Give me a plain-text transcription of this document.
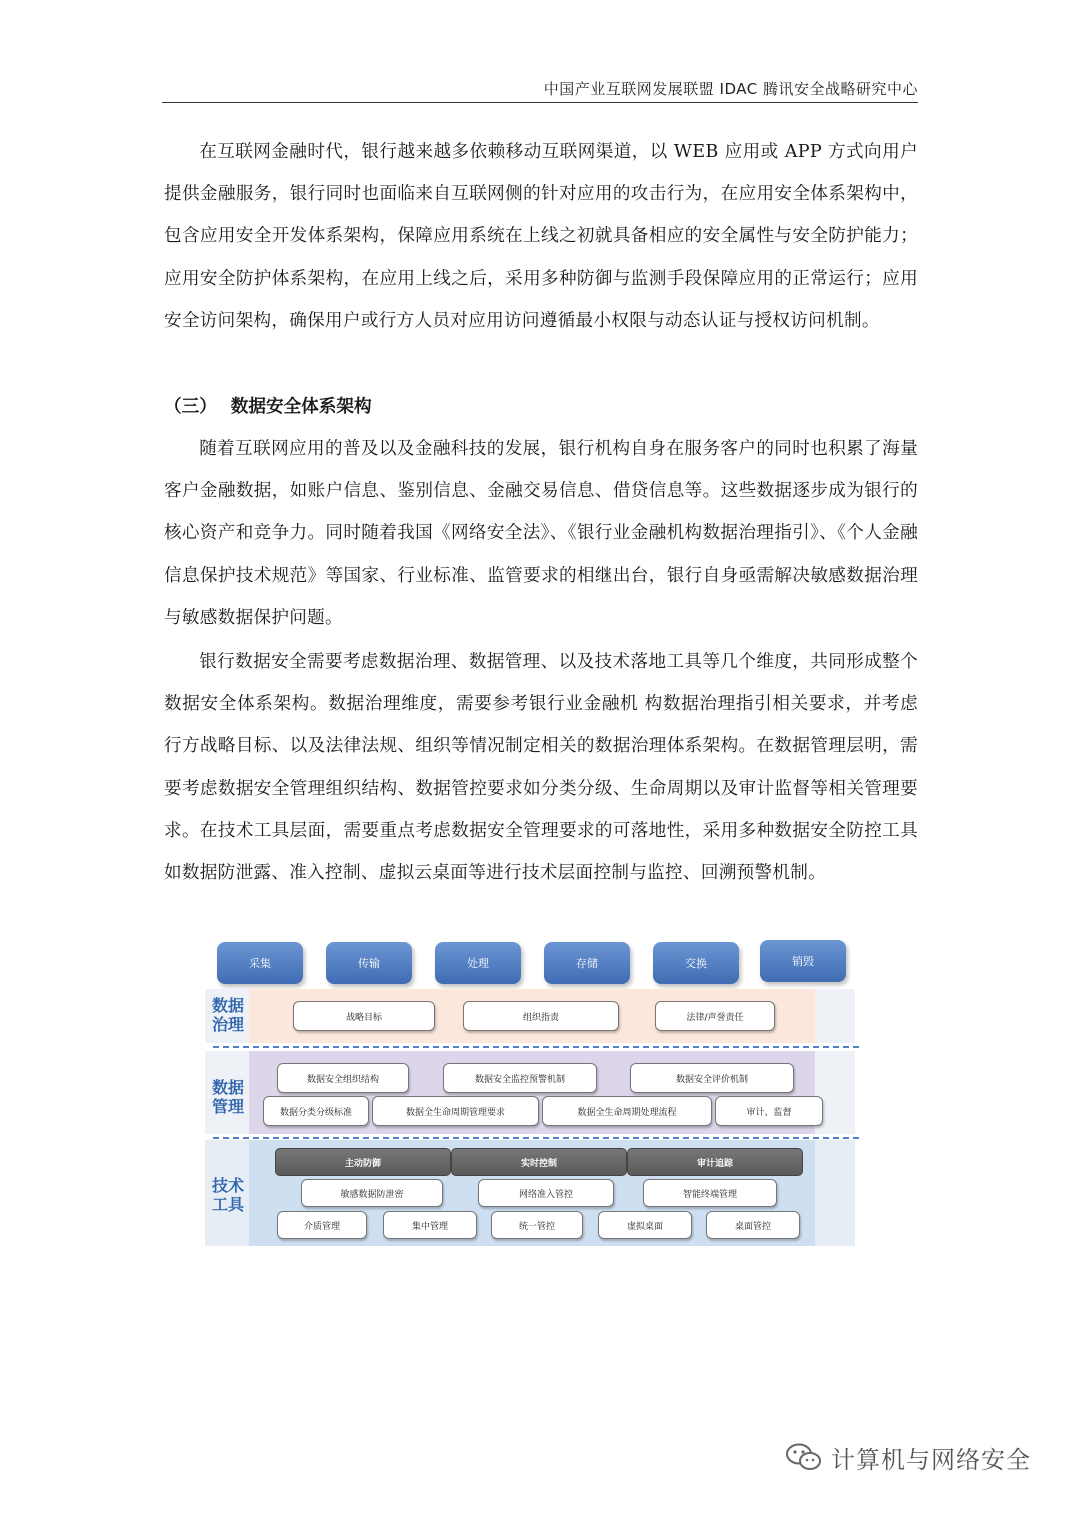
中国产业互联网发展联盟 IDAC 腾讯安全战略研究中心

在互联网金融时代，银行越来越多依赖移动互联网渠道，以 WEB 应用或 APP 方式向用户提供金融服务，银行同时也面临来自互联网侧的针对应用的攻击行为，在应用安全体系架构中，包含应用安全开发体系架构，保障应用系统在上线之初就具备相应的安全属性与安全防护能力；应用安全防护体系架构，在应用上线之后，采用多种防御与监测手段保障应用的正常运行；应用安全访问架构，确保用户或行方人员对应用访问遵循最小权限与动态认证与授权访问机制。

（三） 数据安全体系架构

随着互联网应用的普及以及金融科技的发展，银行机构自身在服务客户的同时也积累了海量客户金融数据，如账户信息、鉴别信息、金融交易信息、借贷信息等。这些数据逐步成为银行的核心资产和竞争力。同时随着我国《网络安全法》、《银行业金融机构数据治理指引》、《个人金融信息保护技术规范》等国家、行业标准、监管要求的相继出台，银行自身亟需解决敏感数据治理与敏感数据保护问题。

银行数据安全需要考虑数据治理、数据管理、以及技术落地工具等几个维度，共同形成整个数据安全体系架构。数据治理维度，需要参考银行业金融机 构数据治理指引相关要求，并考虑行方战略目标、以及法律法规、组织等情况制定相关的数据治理体系架构。在数据管理层明，需要考虑数据安全管理组织结构、数据管控要求如分类分级、生命周期以及审计监督等相关管理要求。在技术工具层面，需要重点考虑数据安全管理要求的可落地性，采用多种数据安全防控工具如数据防泄露、准入控制、虚拟云桌面等进行技术层面控制与监控、回溯预警机制。

采集	传输	处理	存储	交换	销毁
数据
治理	战略目标	组织指责	法律/声誉责任
数据
管理
数据安全组织结构	数据安全监控预警机制	数据安全评价机制
数据分类分级标准	数据全生命周期管理要求	数据全生命周期处理流程	审计、监督
技术
工具
主动防御	实时控制	审计追踪
敏感数据防泄密	网络准入管控	智能终端管理
介质管理	集中管理	统一管控	虚拟桌面	桌面管控
计算机与网络安全
